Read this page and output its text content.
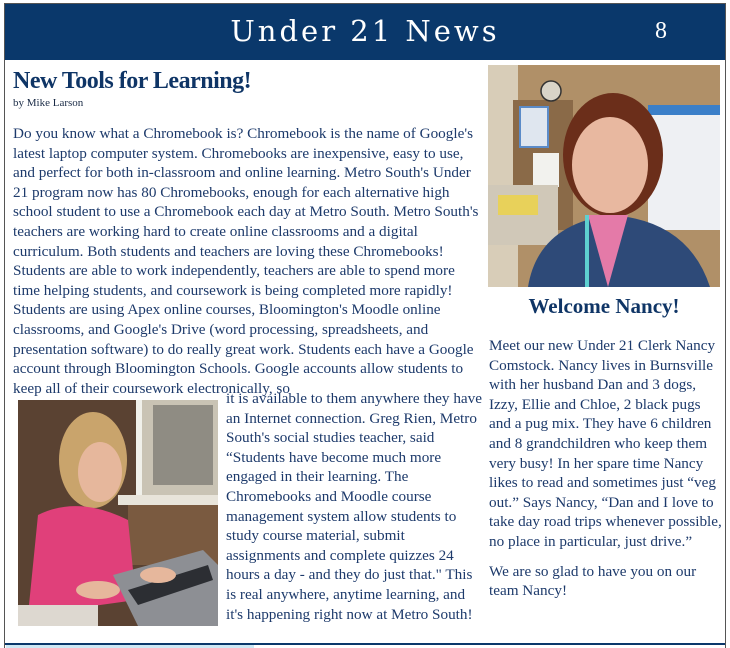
Under 21 News	8
New Tools for Learning!
by Mike Larson

Do you know what a Chromebook is? Chromebook is the name of Google's latest laptop computer system. Chromebooks are inexpensive, easy to use, and perfect for both in-classroom and online learning. Metro South's Under 21 program now has 80 Chromebooks, enough for each alternative high school student to use a Chromebook each day at Metro South. Metro South's teachers are working hard to create online classrooms and a digital curriculum. Both students and teachers are loving these Chromebooks! Students are able to work independently, teachers are able to spend more time helping students, and coursework is being completed more rapidly! Students are using Apex online courses, Bloomington's Moodle online classrooms, and Google's Drive (word processing, spreadsheets, and presentation software) to do really great work. Students each have a Google account through Bloomington Schools. Google accounts allow students to keep all of their coursework electronically, so

it is available to them anywhere they have an Internet connection. Greg Rien, Metro South's social studies teacher, said “Students have become much more engaged in their learning. The Chromebooks and Moodle course management system allow students to study course material, submit assignments and complete quizzes 24 hours a day - and they do just that." This is real anywhere, anytime learning, and it's happening right now at Metro South!
Welcome Nancy!

Meet our new Under 21 Clerk Nancy Comstock. Nancy lives in Burnsville with her husband Dan and 3 dogs, Izzy, Ellie and Chloe, 2 black pugs and a pug mix. They have 6 children and 8 grandchildren who keep them very busy! In her spare time Nancy likes to read and sometimes just “veg out.” Says Nancy, “Dan and I love to take day road trips whenever possible, no place in particular, just drive.”

We are so glad to have you on our team Nancy!
